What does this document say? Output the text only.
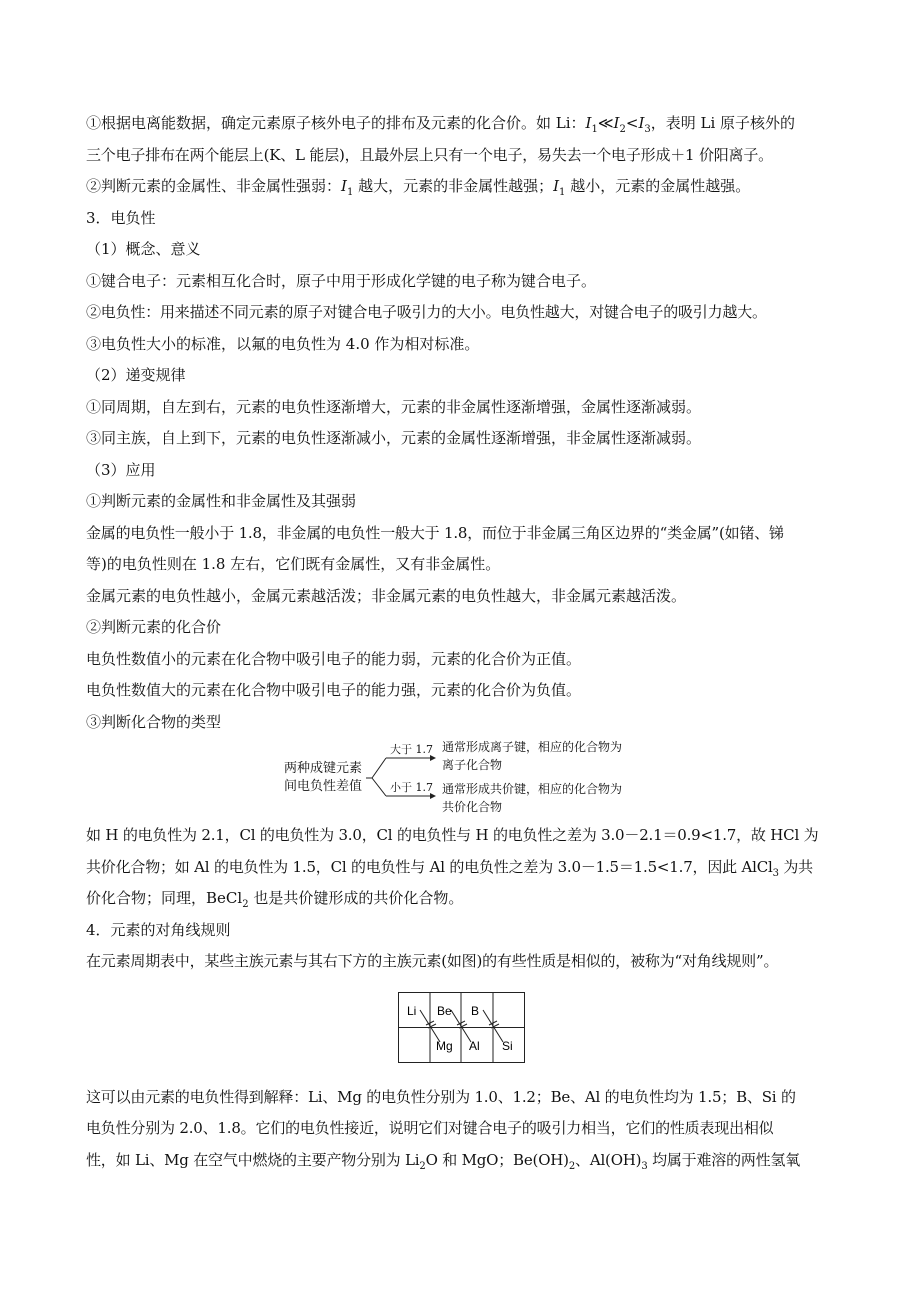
①根据电离能数据，确定元素原子核外电子的排布及元素的化合价。如 Li：$I_1≪I_2<I_3$，表明 Li 原子核外的
三个电子排布在两个能层上(K、L 能层)，且最外层上只有一个电子，易失去一个电子形成＋1 价阳离子。
②判断元素的金属性、非金属性强弱：$I_1$ 越大，元素的非金属性越强；$I_1$ 越小，元素的金属性越强。
3．电负性
（1）概念、意义
①键合电子：元素相互化合时，原子中用于形成化学键的电子称为键合电子。
②电负性：用来描述不同元素的原子对键合电子吸引力的大小。电负性越大，对键合电子的吸引力越大。
③电负性大小的标准，以氟的电负性为 4.0 作为相对标准。
（2）递变规律
①同周期，自左到右，元素的电负性逐渐增大，元素的非金属性逐渐增强，金属性逐渐减弱。
③同主族，自上到下，元素的电负性逐渐减小，元素的金属性逐渐增强，非金属性逐渐减弱。
（3）应用
①判断元素的金属性和非金属性及其强弱
金属的电负性一般小于 1.8，非金属的电负性一般大于 1.8，而位于非金属三角区边界的“类金属”(如锗、锑
等)的电负性则在 1.8 左右，它们既有金属性，又有非金属性。
金属元素的电负性越小，金属元素越活泼；非金属元素的电负性越大，非金属元素越活泼。
②判断元素的化合价
电负性数值小的元素在化合物中吸引电子的能力弱，元素的化合价为正值。
电负性数值大的元素在化合物中吸引电子的能力强，元素的化合价为负值。
③判断化合物的类型
两种成键元素
间电负性差值
大于 1.7
小于 1.7
通常形成离子键，相应的化合物为
离子化合物
通常形成共价键，相应的化合物为
共价化合物
如 H 的电负性为 2.1，Cl 的电负性为 3.0，Cl 的电负性与 H 的电负性之差为 3.0－2.1＝0.9<1.7，故 HCl 为
共价化合物；如 Al 的电负性为 1.5，Cl 的电负性与 Al 的电负性之差为 3.0－1.5＝1.5<1.7，因此 AlCl$_3$ 为共
价化合物；同理，BeCl$_2$ 也是共价键形成的共价化合物。
4．元素的对角线规则
在元素周期表中，某些主族元素与其右下方的主族元素(如图)的有些性质是相似的，被称为“对角线规则”。
Li Be B
Mg Al Si
这可以由元素的电负性得到解释：Li、Mg 的电负性分别为 1.0、1.2；Be、Al 的电负性均为 1.5；B、Si 的
电负性分别为 2.0、1.8。它们的电负性接近，说明它们对键合电子的吸引力相当，它们的性质表现出相似
性，如 Li、Mg 在空气中燃烧的主要产物分别为 $Li_2O$ 和 MgO；$Be(OH)_2$、$Al(OH)_3$ 均属于难溶的两性氢氧
